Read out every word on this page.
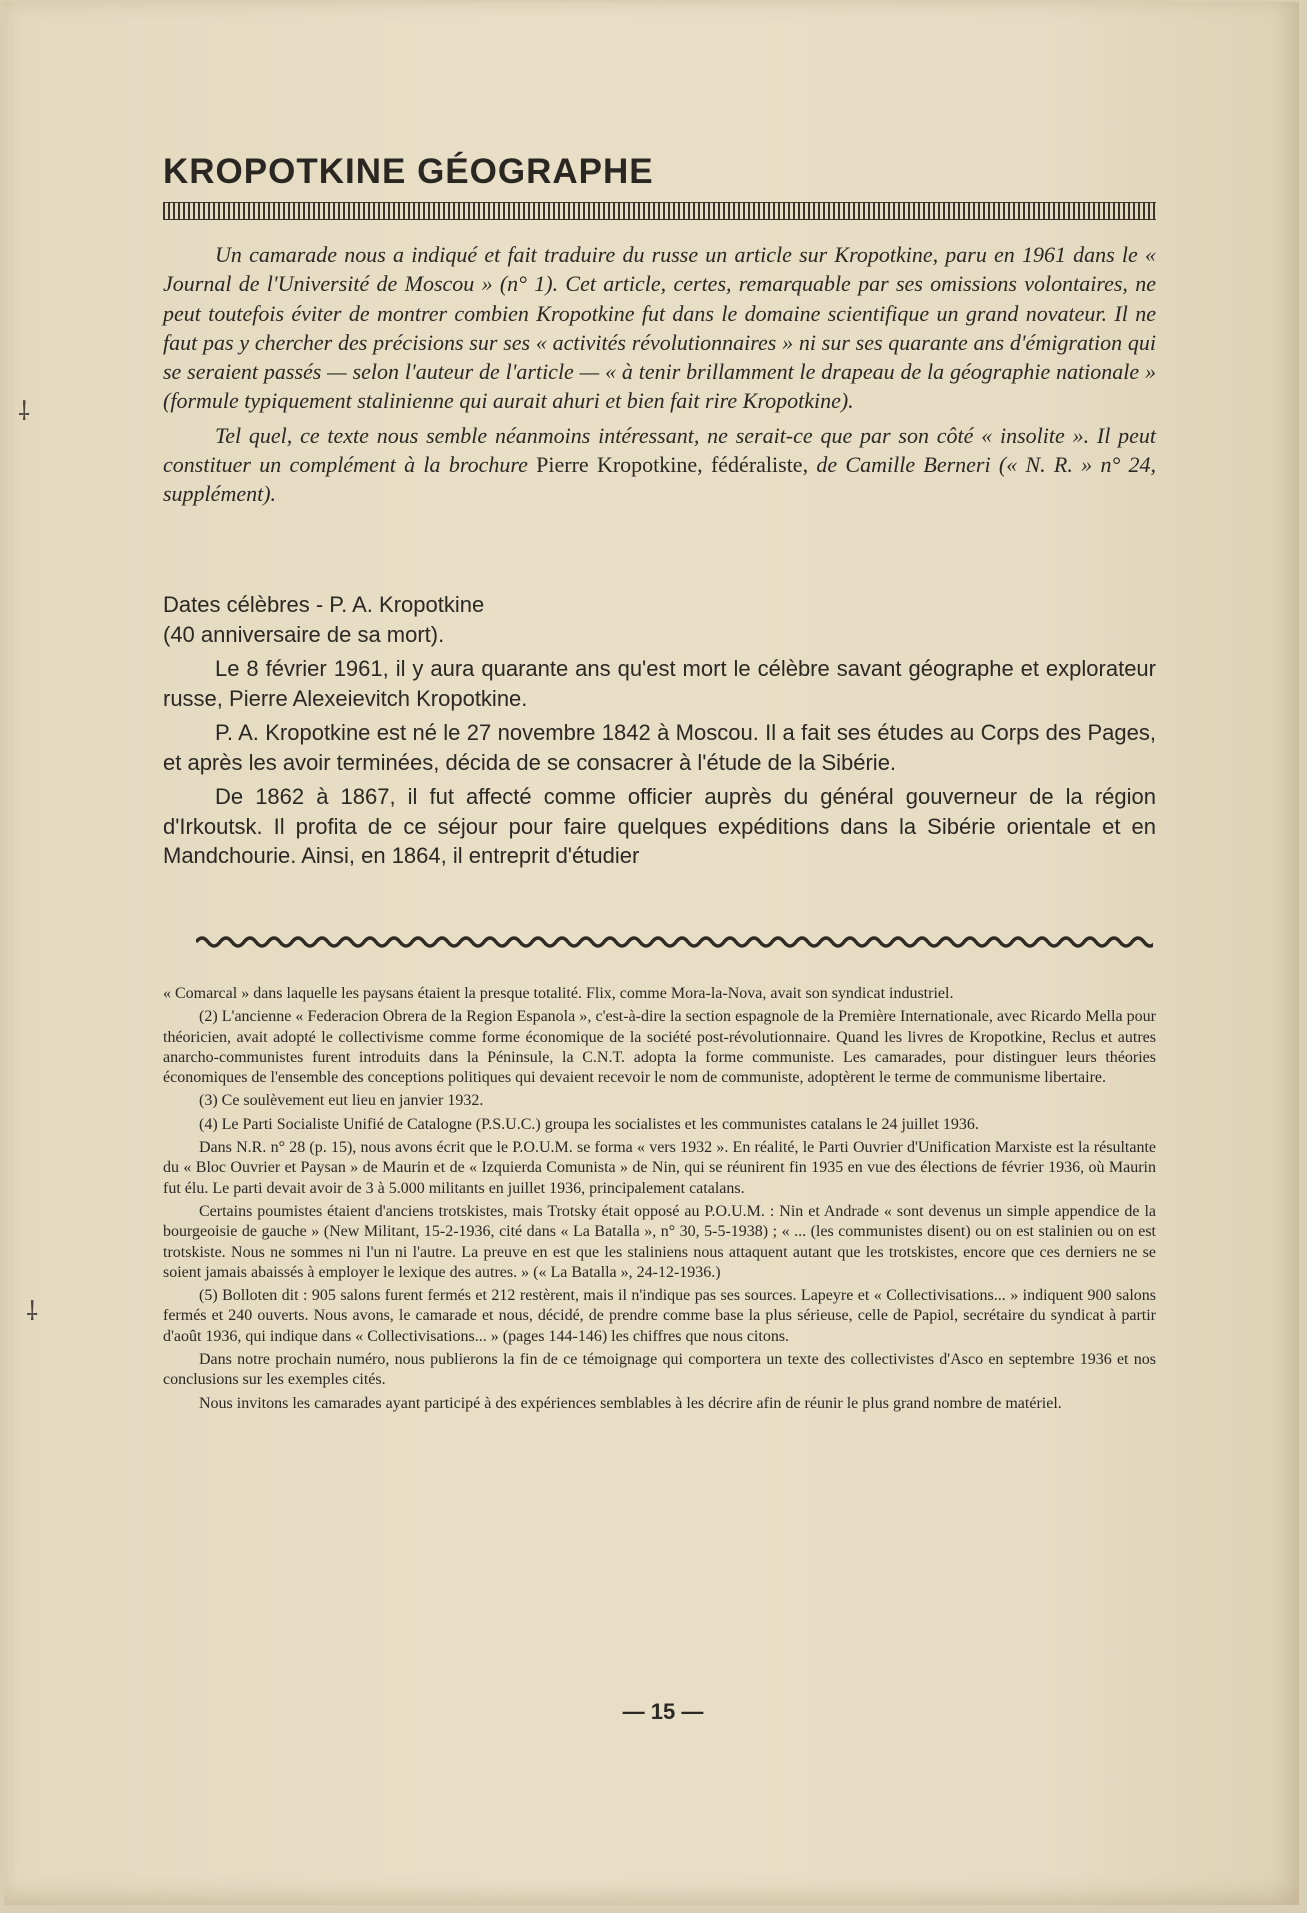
⸸
⸸
KROPOTKINE GÉOGRAPHE

Un camarade nous a indiqué et fait traduire du russe un article sur Kropotkine, paru en 1961 dans le « Journal de l'Université de Moscou » (n° 1). Cet article, certes, remarquable par ses omissions volontaires, ne peut toutefois éviter de montrer combien Kropotkine fut dans le domaine scientifique un grand novateur. Il ne faut pas y chercher des précisions sur ses « activités révolutionnaires » ni sur ses quarante ans d'émigration qui se seraient passés — selon l'auteur de l'article — « à tenir brillamment le drapeau de la géographie nationale » (formule typiquement stalinienne qui aurait ahuri et bien fait rire Kropotkine).

Tel quel, ce texte nous semble néanmoins intéressant, ne serait-ce que par son côté « insolite ». Il peut constituer un complément à la brochure Pierre Kropotkine, fédéraliste, de Camille Berneri (« N. R. » n° 24, supplément).

Dates célèbres - P. A. Kropotkine
(40 anniversaire de sa mort).

Le 8 février 1961, il y aura quarante ans qu'est mort le célèbre savant géographe et explorateur russe, Pierre Alexeievitch Kropotkine.

P. A. Kropotkine est né le 27 novembre 1842 à Moscou. Il a fait ses études au Corps des Pages, et après les avoir terminées, décida de se consacrer à l'étude de la Sibérie.

De 1862 à 1867, il fut affecté comme officier auprès du général gouverneur de la région d'Irkoutsk. Il profita de ce séjour pour faire quelques expéditions dans la Sibérie orientale et en Mandchourie. Ainsi, en 1864, il entreprit d'étudier

« Comarcal » dans laquelle les paysans étaient la presque totalité. Flix, comme Mora-la-Nova, avait son syndicat industriel.

(2) L'ancienne « Federacion Obrera de la Region Espanola », c'est-à-dire la section espagnole de la Première Internationale, avec Ricardo Mella pour théoricien, avait adopté le collectivisme comme forme économique de la société post-révolutionnaire. Quand les livres de Kropotkine, Reclus et autres anarcho-communistes furent introduits dans la Péninsule, la C.N.T. adopta la forme communiste. Les camarades, pour distinguer leurs théories économiques de l'ensemble des conceptions politiques qui devaient recevoir le nom de communiste, adoptèrent le terme de communisme libertaire.

(3) Ce soulèvement eut lieu en janvier 1932.

(4) Le Parti Socialiste Unifié de Catalogne (P.S.U.C.) groupa les socialistes et les communistes catalans le 24 juillet 1936.

Dans N.R. n° 28 (p. 15), nous avons écrit que le P.O.U.M. se forma « vers 1932 ». En réalité, le Parti Ouvrier d'Unification Marxiste est la résultante du « Bloc Ouvrier et Paysan » de Maurin et de « Izquierda Comunista » de Nin, qui se réunirent fin 1935 en vue des élections de février 1936, où Maurin fut élu. Le parti devait avoir de 3 à 5.000 militants en juillet 1936, principalement catalans.

Certains poumistes étaient d'anciens trotskistes, mais Trotsky était opposé au P.O.U.M. : Nin et Andrade « sont devenus un simple appendice de la bourgeoisie de gauche » (New Militant, 15-2-1936, cité dans « La Batalla », n° 30, 5-5-1938) ; « ... (les communistes disent) ou on est stalinien ou on est trotskiste. Nous ne sommes ni l'un ni l'autre. La preuve en est que les staliniens nous attaquent autant que les trotskistes, encore que ces derniers ne se soient jamais abaissés à employer le lexique des autres. » (« La Batalla », 24-12-1936.)

(5) Bolloten dit : 905 salons furent fermés et 212 restèrent, mais il n'indique pas ses sources. Lapeyre et « Collectivisations... » indiquent 900 salons fermés et 240 ouverts. Nous avons, le camarade et nous, décidé, de prendre comme base la plus sérieuse, celle de Papiol, secrétaire du syndicat à partir d'août 1936, qui indique dans « Collectivisations... » (pages 144-146) les chiffres que nous citons.

Dans notre prochain numéro, nous publierons la fin de ce témoignage qui comportera un texte des collectivistes d'Asco en septembre 1936 et nos conclusions sur les exemples cités.

Nous invitons les camarades ayant participé à des expériences semblables à les décrire afin de réunir le plus grand nombre de matériel.

— 15 —
